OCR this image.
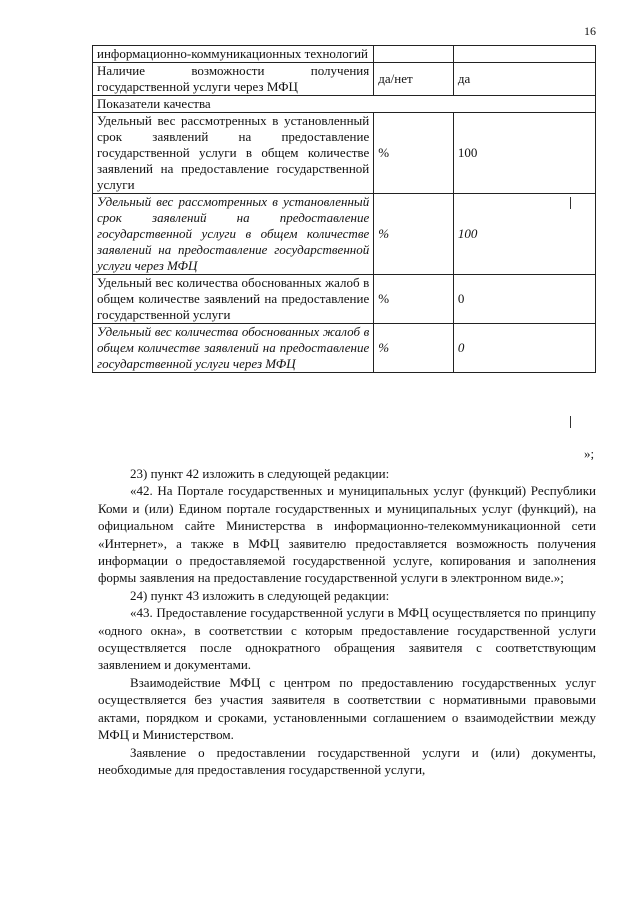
16
информационно-коммуникационных технологий		
Наличие возможности получения государственной услуги через МФЦ	да/нет	да
Показатели качества		
Удельный вес рассмотренных в установленный срок заявлений на предоставление государственной услуги в общем количестве заявлений на предоставление государственной услуги	%	100
Удельный вес рассмотренных в установленный срок заявлений на предоставление государственной услуги в общем количестве заявлений на предоставление государственной услуги через МФЦ	%	100
Удельный вес количества обоснованных жалоб в общем количестве заявлений на предоставление государственной услуги	%	0
Удельный вес количества обоснованных жалоб в общем количестве заявлений на предоставление государственной услуги через МФЦ	%	0
»;

23) пункт 42 изложить в следующей редакции:

«42. На Портале государственных и муниципальных услуг (функций) Республики Коми и (или) Едином портале государственных и муниципальных услуг (функций), на официальном сайте Министерства в информационно-телекоммуникационной сети «Интернет», а также в МФЦ заявителю предоставляется возможность получения информации о предоставляемой государственной услуге, копирования и заполнения формы заявления на предоставление государственной услуги в электронном виде.»;

24) пункт 43 изложить в следующей редакции:

«43. Предоставление государственной услуги в МФЦ осуществляется по принципу «одного окна», в соответствии с которым предоставление государственной услуги осуществляется после однократного обращения заявителя с соответствующим заявлением и документами.

Взаимодействие МФЦ с центром по предоставлению государственных услуг осуществляется без участия заявителя в соответствии с нормативными правовыми актами, порядком и сроками, установленными соглашением о взаимодействии между МФЦ и Министерством.

Заявление о предоставлении государственной услуги и (или) документы, необходимые для предоставления государственной услуги,
